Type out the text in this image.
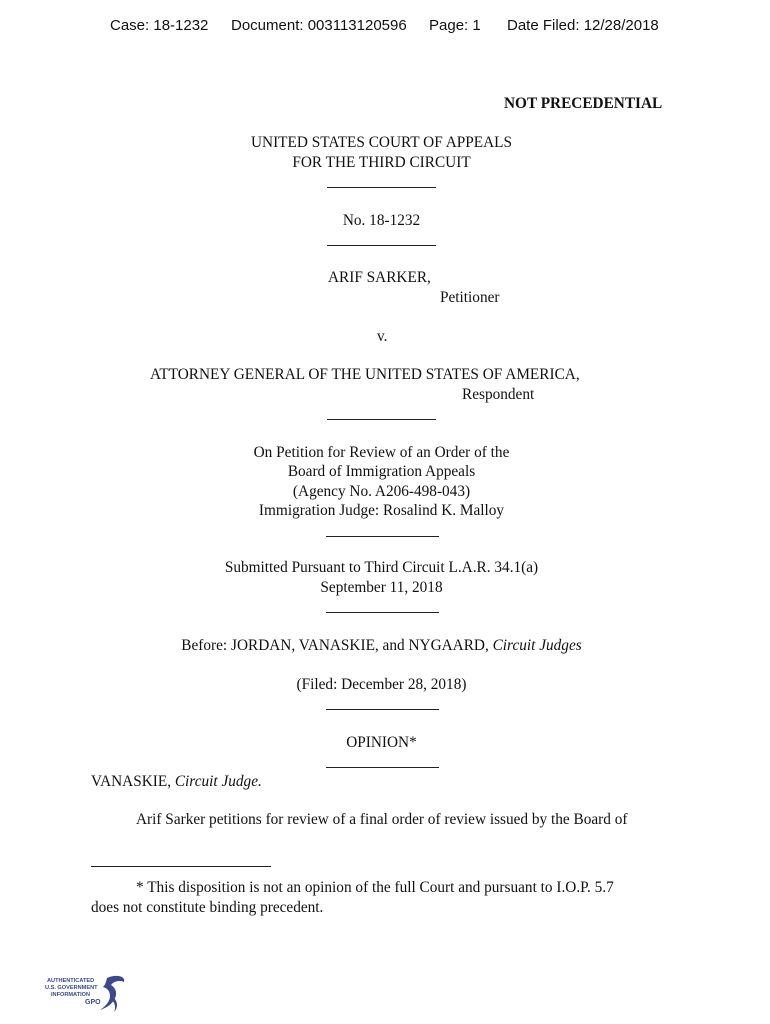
Case: 18-1232 Document: 003113120596 Page: 1 Date Filed: 12/28/2018
NOT PRECEDENTIAL
UNITED STATES COURT OF APPEALS
FOR THE THIRD CIRCUIT
No. 18-1232
ARIF SARKER,
Petitioner
v.
ATTORNEY GENERAL OF THE UNITED STATES OF AMERICA,
Respondent
On Petition for Review of an Order of the
Board of Immigration Appeals
(Agency No. A206-498-043)
Immigration Judge: Rosalind K. Malloy
Submitted Pursuant to Third Circuit L.A.R. 34.1(a)
September 11, 2018
Before: JORDAN, VANASKIE, and NYGAARD, Circuit Judges
(Filed: December 28, 2018)
OPINION*
VANASKIE, Circuit Judge.
Arif Sarker petitions for review of a final order of review issued by the Board of
* This disposition is not an opinion of the full Court and pursuant to I.O.P. 5.7
does not constitute binding precedent.
AUTHENTICATED
U.S. GOVERNMENT
INFORMATION
GPO
